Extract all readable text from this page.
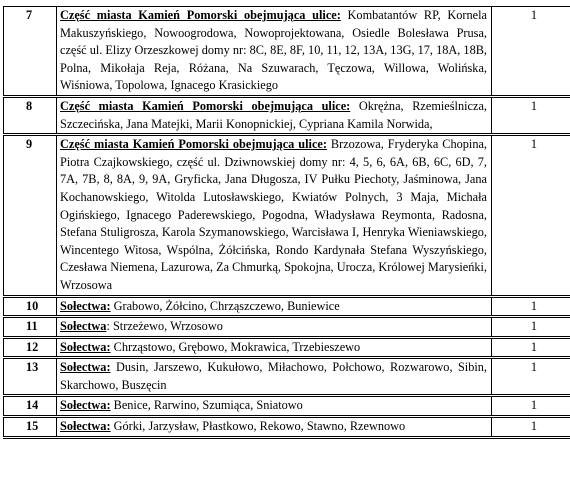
7	Część miasta Kamień Pomorski obejmująca ulice: Kombatantów RP, Kornela Makuszyńskiego, Nowoogrodowa, Nowoprojektowana, Osiedle Bolesława Prusa, część ul. Elizy Orzeszkowej domy nr: 8C, 8E, 8F, 10, 11, 12, 13A, 13G, 17, 18A, 18B, Polna, Mikołaja Reja, Różana, Na Szuwarach, Tęczowa, Willowa, Wolińska, Wiśniowa, Topolowa, Ignacego Krasickiego	1
8	Część miasta Kamień Pomorski obejmująca ulice: Okrężna, Rzemieślnicza, Szczecińska, Jana Matejki, Marii Konopnickiej, Cypriana Kamila Norwida,	1
9	Część miasta Kamień Pomorski obejmująca ulice: Brzozowa, Fryderyka Chopina, Piotra Czajkowskiego, część ul. Dziwnowskiej domy nr: 4, 5, 6, 6A, 6B, 6C, 6D, 7, 7A, 7B, 8, 8A, 9, 9A, Gryficka, Jana Długosza, IV Pułku Piechoty, Jaśminowa, Jana Kochanowskiego, Witolda Lutosławskiego, Kwiatów Polnych, 3 Maja, Michała Ogińskiego, Ignacego Paderewskiego, Pogodna, Władysława Reymonta, Radosna, Stefana Stuligrosza, Karola Szymanowskiego, Warcisława I, Henryka Wieniawskiego, Wincentego Witosa, Wspólna, Żółcińska, Rondo Kardynała Stefana Wyszyńskiego, Czesława Niemena, Lazurowa, Za Chmurką, Spokojna, Urocza, Królowej Marysieńki, Wrzosowa	1
10	Sołectwa: Grabowo, Żółcino, Chrząszczewo, Buniewice	1
11	Sołectwa: Strzeżewo, Wrzosowo	1
12	Sołectwa: Chrząstowo, Grębowo, Mokrawica, Trzebieszewo	1
13	Sołectwa: Dusin, Jarszewo, Kukułowo, Miłachowo, Połchowo, Rozwarowo, Sibin, Skarchowo, Buszęcin	1
14	Sołectwa: Benice, Rarwino, Szumiąca, Sniatowo	1
15	Sołectwa: Górki, Jarzysław, Płastkowo, Rekowo, Stawno, Rzewnowo	1
